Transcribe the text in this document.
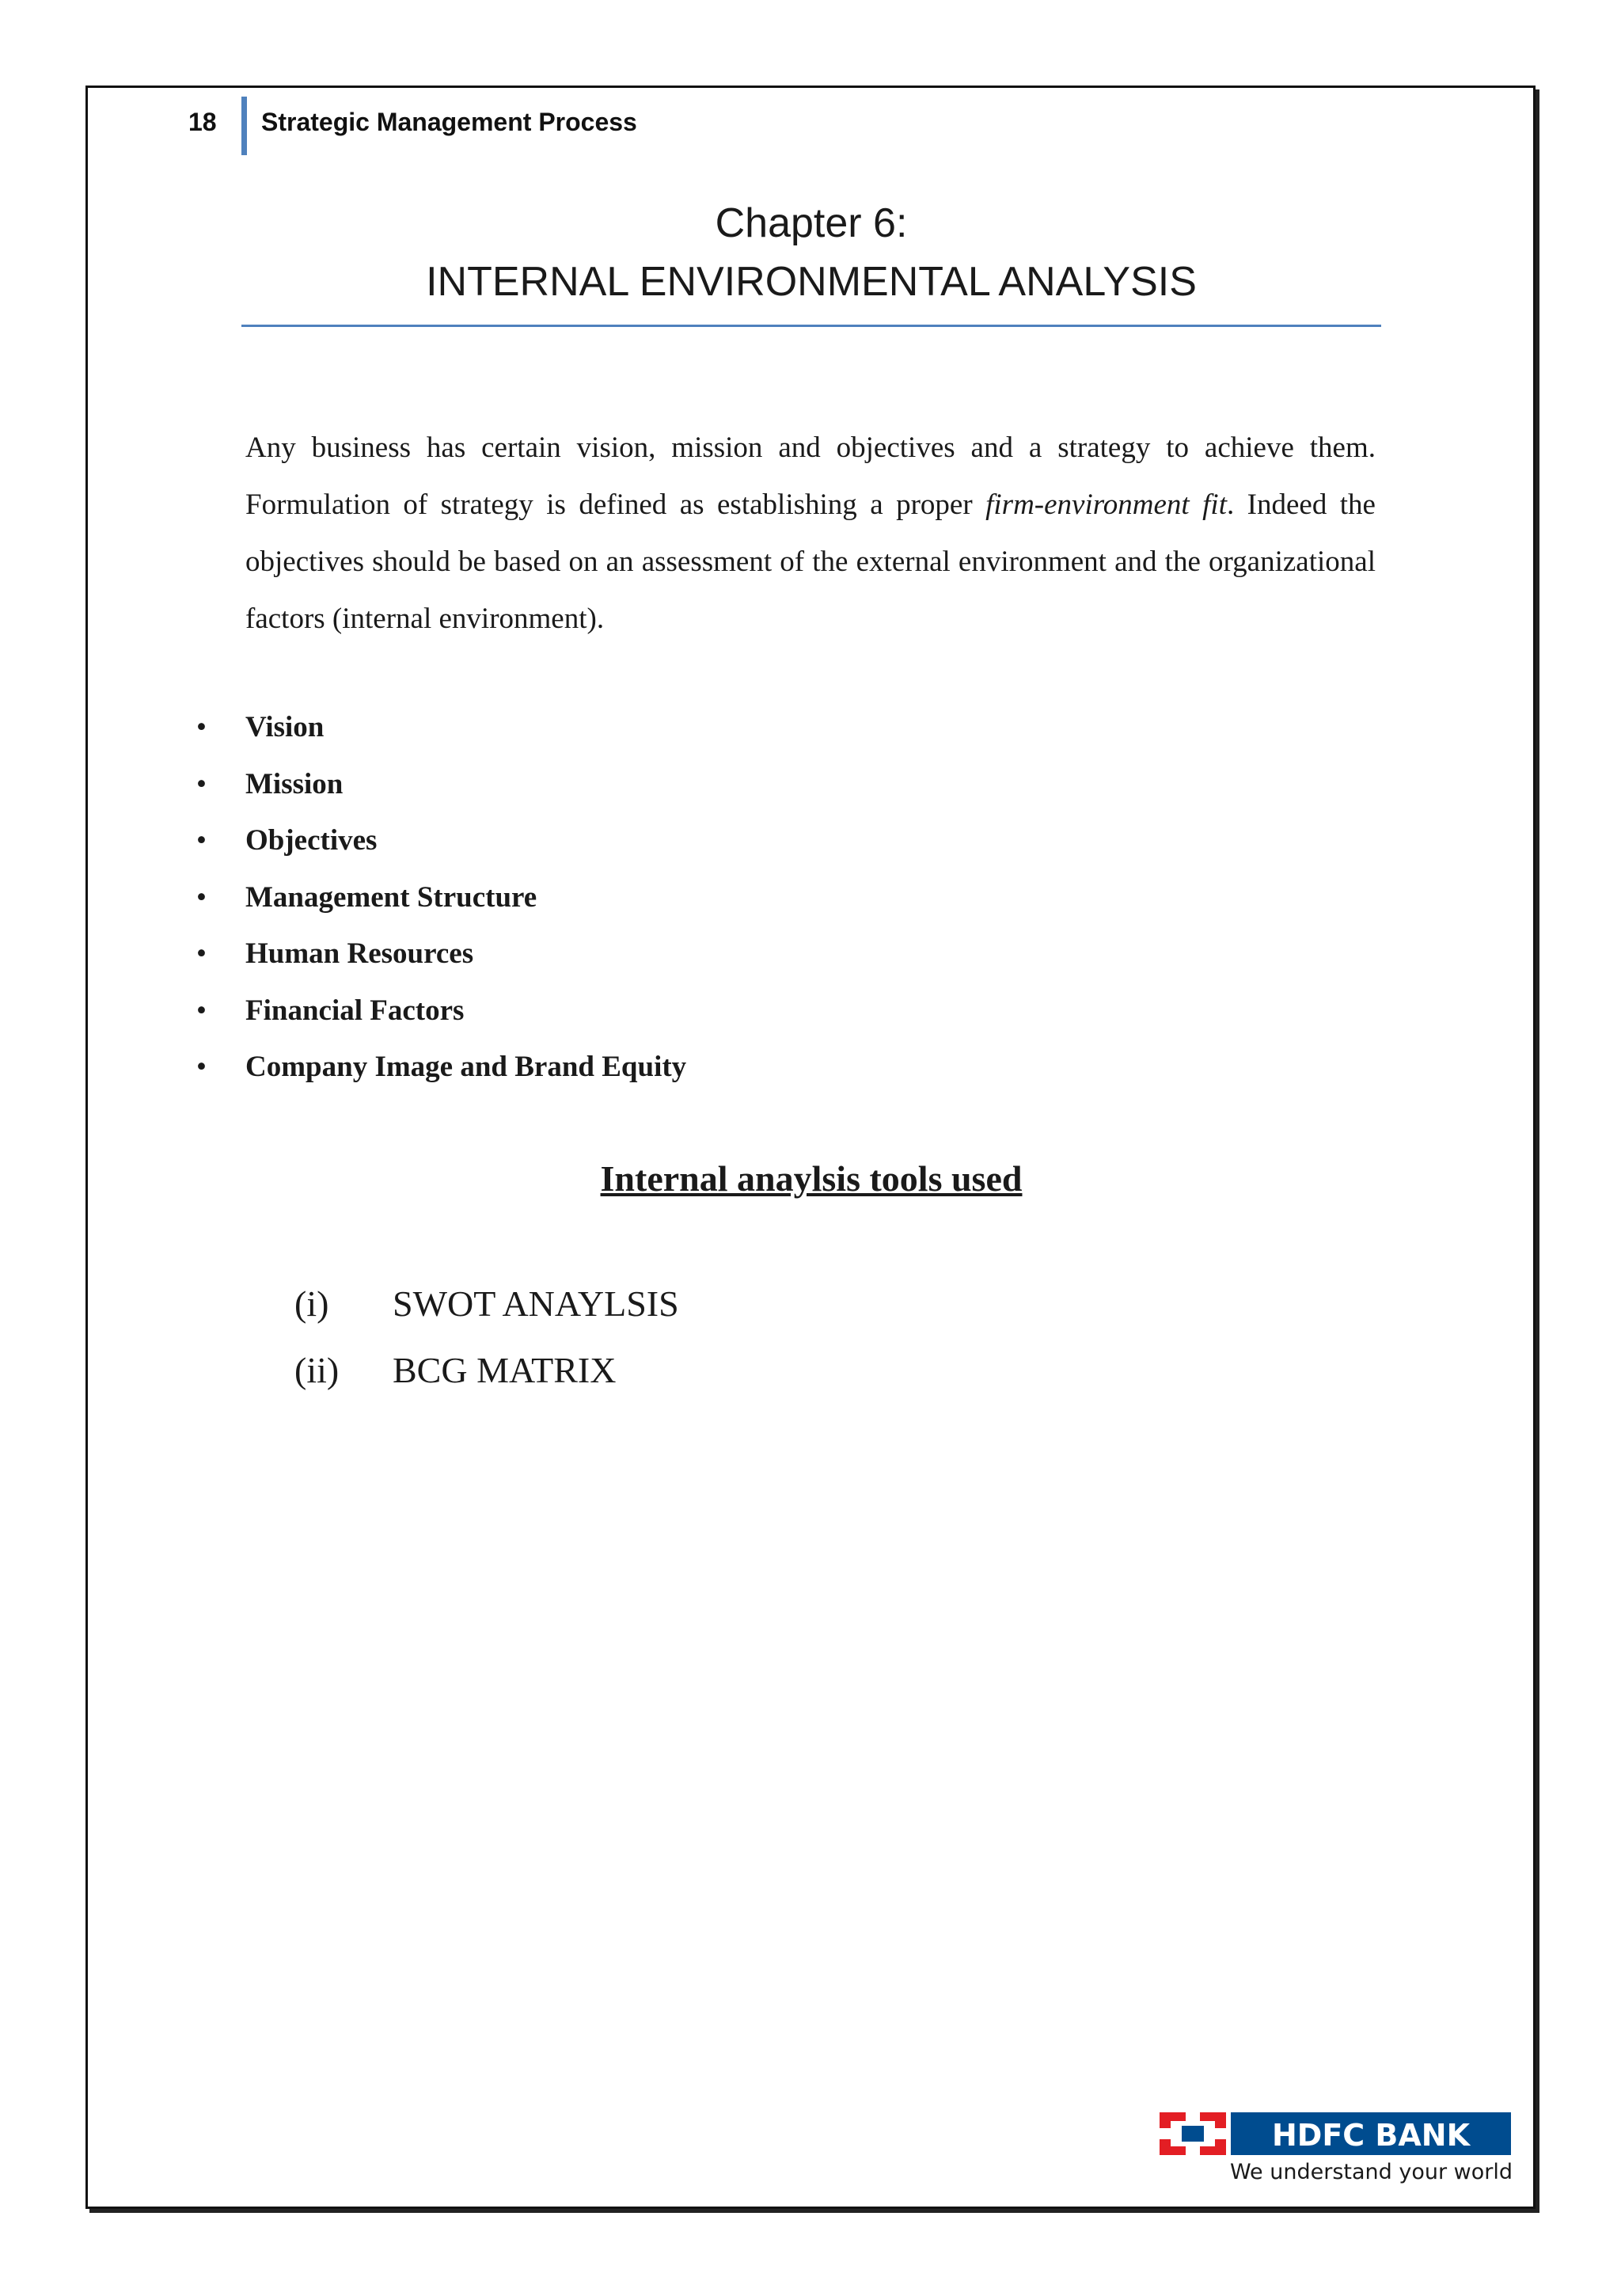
18 Strategic Management Process
Chapter 6:
INTERNAL ENVIRONMENTAL ANALYSIS

Any business has certain vision, mission and objectives and a strategy to achieve them. Formulation of strategy is defined as establishing a proper firm-environment fit. Indeed the objectives should be based on an assessment of the external environment and the organizational factors (internal environment).

• Vision
• Mission
• Objectives
• Management Structure
• Human Resources
• Financial Factors
• Company Image and Brand Equity
Internal anaylsis tools used
(i) SWOT ANAYLSIS
(ii) BCG MATRIX
HDFC BANK
We understand your world
